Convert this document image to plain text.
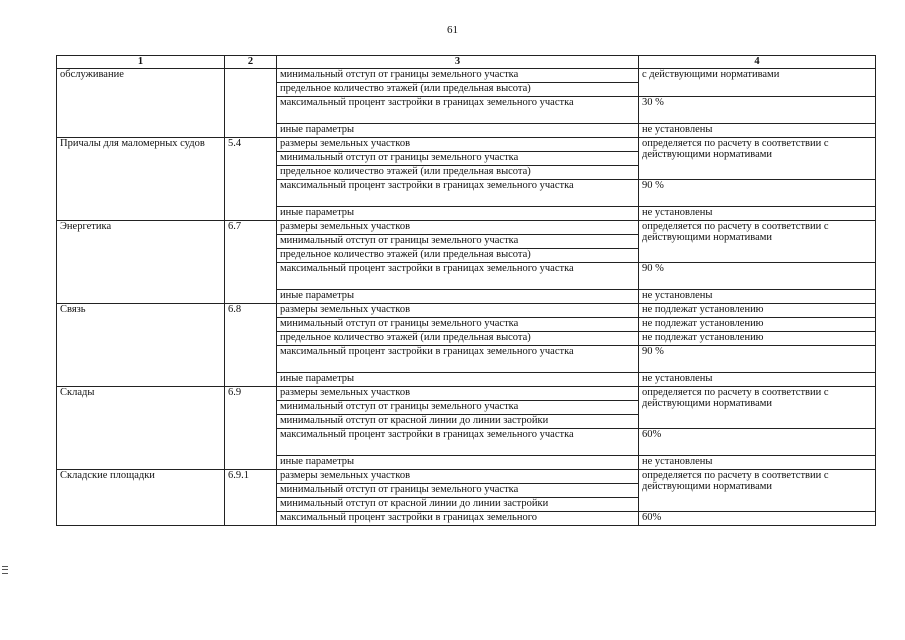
61
1	2	3	4
обслуживание		минимальный отступ от границы земельного участка	с действующими нормативами
		предельное количество этажей (или предельная высота)	
		максимальный процент застройки в границах земельного участка	30 %
		иные параметры	не установлены
Причалы для маломерных судов	5.4	размеры земельных участков	определяется по расчету в соответствии с действующими нормативами
		минимальный отступ от границы земельного участка	
		предельное количество этажей (или предельная высота)	
		максимальный процент застройки в границах земельного участка	90 %
		иные параметры	не установлены
Энергетика	6.7	размеры земельных участков	определяется по расчету в соответствии с действующими нормативами
		минимальный отступ от границы земельного участка	
		предельное количество этажей (или предельная высота)	
		максимальный процент застройки в границах земельного участка	90 %
		иные параметры	не установлены
Связь	6.8	размеры земельных участков	не подлежат установлению
		минимальный отступ от границы земельного участка	не подлежат установлению
		предельное количество этажей (или предельная высота)	не подлежат установлению
		максимальный процент застройки в границах земельного участка	90 %
		иные параметры	не установлены
Склады	6.9	размеры земельных участков	определяется по расчету в соответствии с действующими нормативами
		минимальный отступ от границы земельного участка	
		минимальный отступ от красной линии до линии застройки	
		максимальный процент застройки в границах земельного участка	60%
		иные параметры	не установлены
Складские площадки	6.9.1	размеры земельных участков	определяется по расчету в соответствии с действующими нормативами
		минимальный отступ от границы земельного участка	
		минимальный отступ от красной линии до линии застройки	
		максимальный процент застройки в границах земельного	60%
